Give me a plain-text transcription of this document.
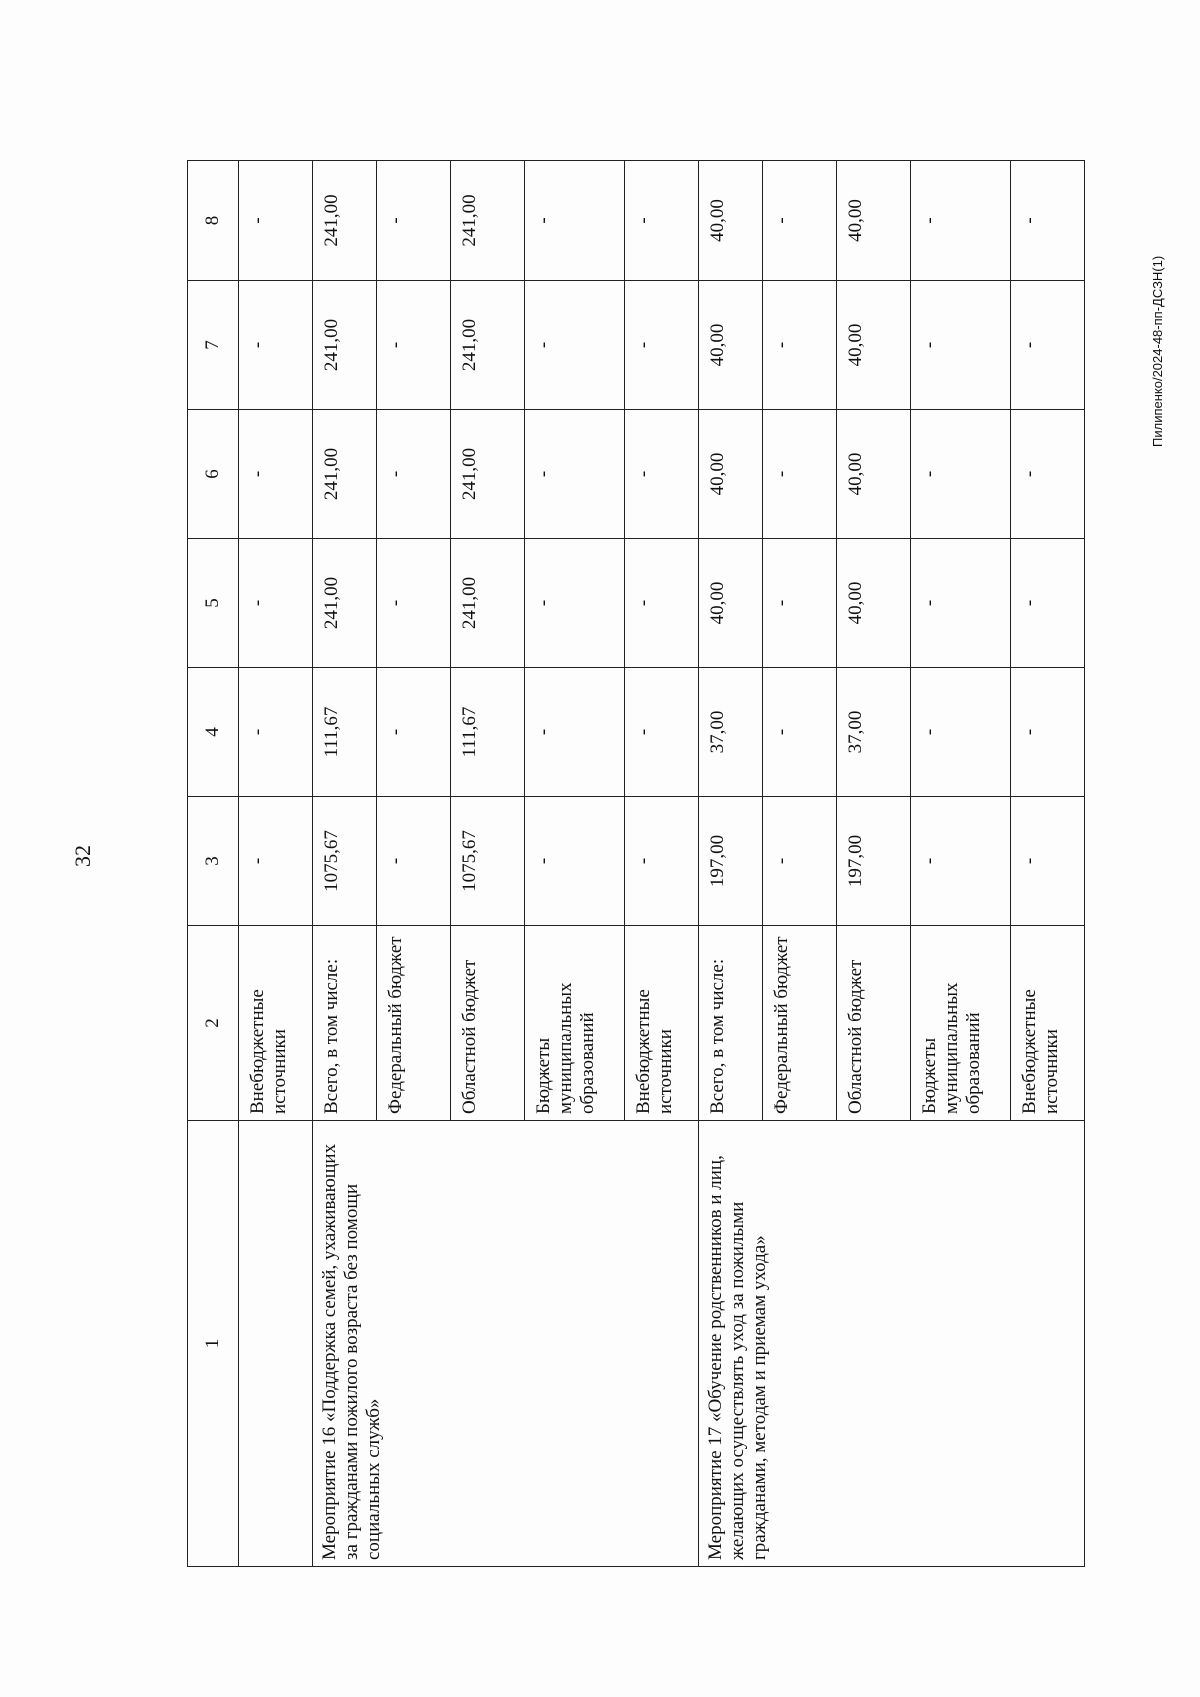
32
1	2	3	4	5	6	7	8
	Внебюджетные источники	-	-	-	-	-	-
Мероприятие 16 «Поддержка семей, ухаживающих за гражданами пожилого возраста без помощи социальных служб»	Всего, в том числе:	1075,67	111,67	241,00	241,00	241,00	241,00
	Федеральный бюджет	-	-	-	-	-	-
	Областной бюджет	1075,67	111,67	241,00	241,00	241,00	241,00
	Бюджеты муниципальных образований	-	-	-	-	-	-
	Внебюджетные источники	-	-	-	-	-	-
Мероприятие 17 «Обучение родственников и лиц, желающих осуществлять уход за пожилыми гражданами, методам и приемам ухода»	Всего, в том числе:	197,00	37,00	40,00	40,00	40,00	40,00
	Федеральный бюджет	-	-	-	-	-	-
	Областной бюджет	197,00	37,00	40,00	40,00	40,00	40,00
	Бюджеты муниципальных образований	-	-	-	-	-	-
	Внебюджетные источники	-	-	-	-	-	-
Пилипенко/2024-48-пп-ДСЗН(1)
